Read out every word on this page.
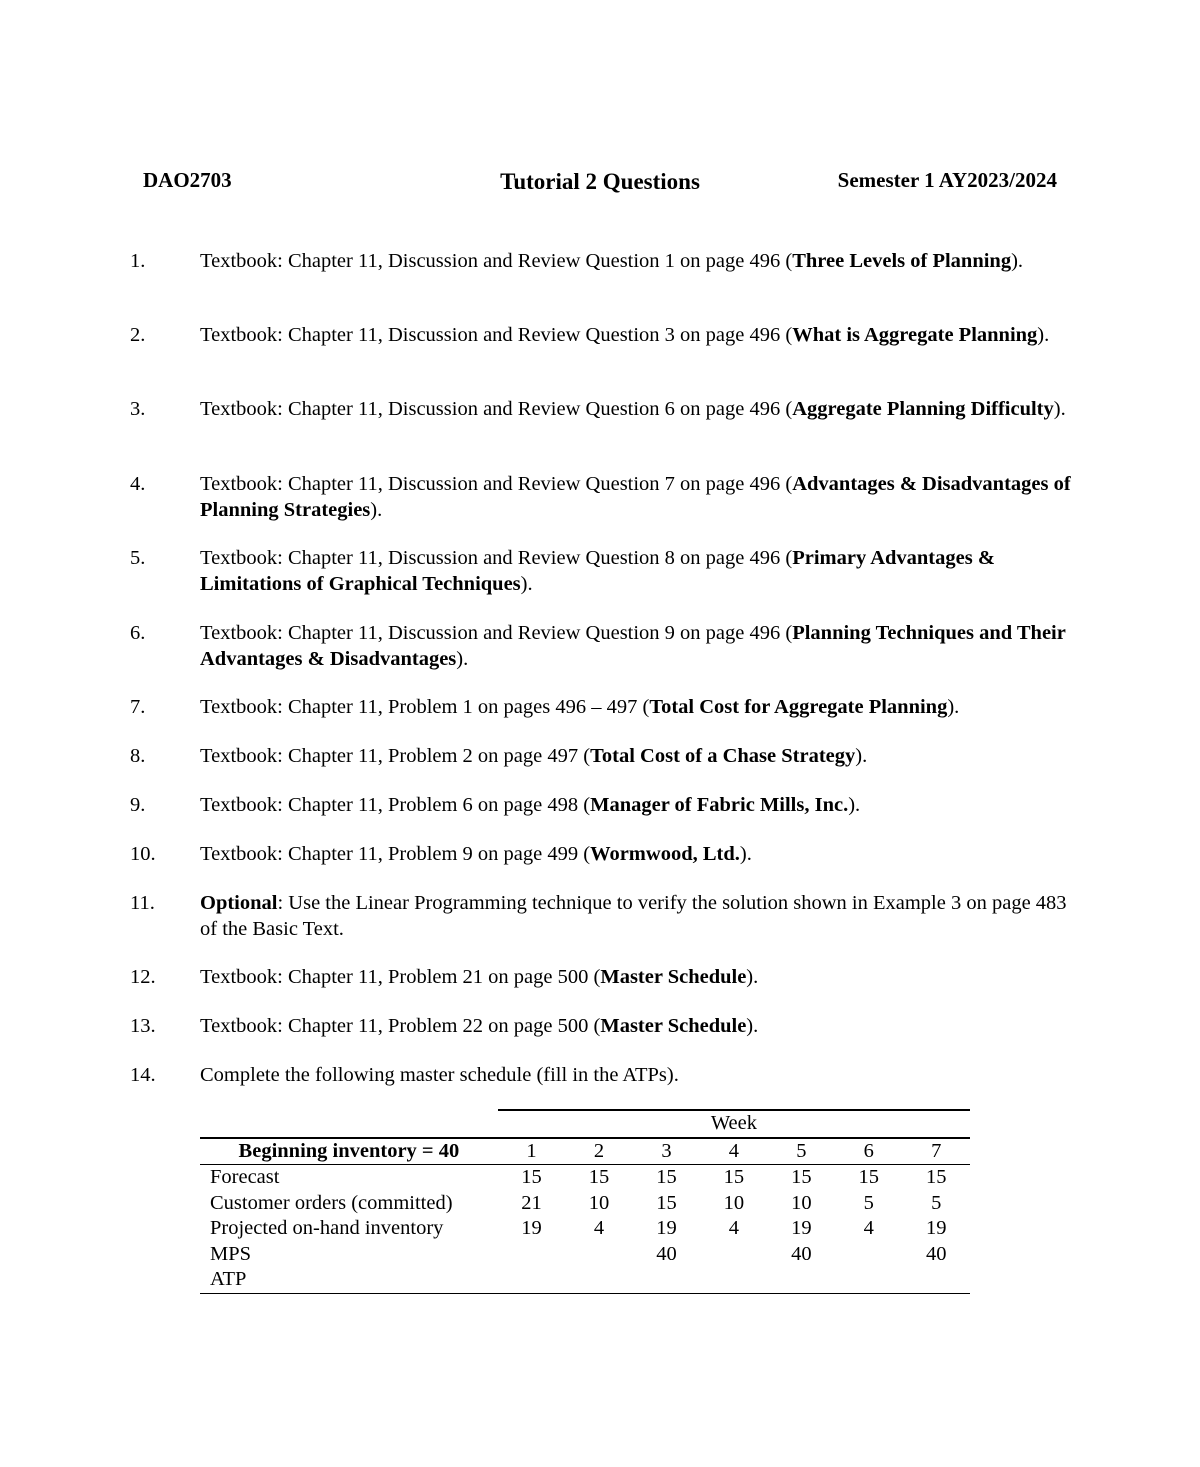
DAO2703	Tutorial 2 Questions	Semester 1 AY2023/2024
1.	Textbook: Chapter 11, Discussion and Review Question 1 on page 496 (Three Levels of Planning).
2.	Textbook: Chapter 11, Discussion and Review Question 3 on page 496 (What is Aggregate Planning).
3.	Textbook: Chapter 11, Discussion and Review Question 6 on page 496 (Aggregate Planning Difficulty).
4.	Textbook: Chapter 11, Discussion and Review Question 7 on page 496 (Advantages & Disadvantages of Planning Strategies).
5.	Textbook: Chapter 11, Discussion and Review Question 8 on page 496 (Primary Advantages & Limitations of Graphical Techniques).
6.	Textbook: Chapter 11, Discussion and Review Question 9 on page 496 (Planning Techniques and Their Advantages & Disadvantages).
7.	Textbook: Chapter 11, Problem 1 on pages 496 – 497 (Total Cost for Aggregate Planning).
8.	Textbook: Chapter 11, Problem 2 on page 497 (Total Cost of a Chase Strategy).
9.	Textbook: Chapter 11, Problem 6 on page 498 (Manager of Fabric Mills, Inc.).
10.	Textbook: Chapter 11, Problem 9 on page 499 (Wormwood, Ltd.).
11.	Optional: Use the Linear Programming technique to verify the solution shown in Example 3 on page 483 of the Basic Text.
12.	Textbook: Chapter 11, Problem 21 on page 500 (Master Schedule).
13.	Textbook: Chapter 11, Problem 22 on page 500 (Master Schedule).
14.	Complete the following master schedule (fill in the ATPs).
	Week						
Beginning inventory = 40	1	2	3	4	5	6	7
Forecast	15	15	15	15	15	15	15
Customer orders (committed)	21	10	15	10	10	5	5
Projected on-hand inventory	19	4	19	4	19	4	19
MPS			40		40		40
ATP							
